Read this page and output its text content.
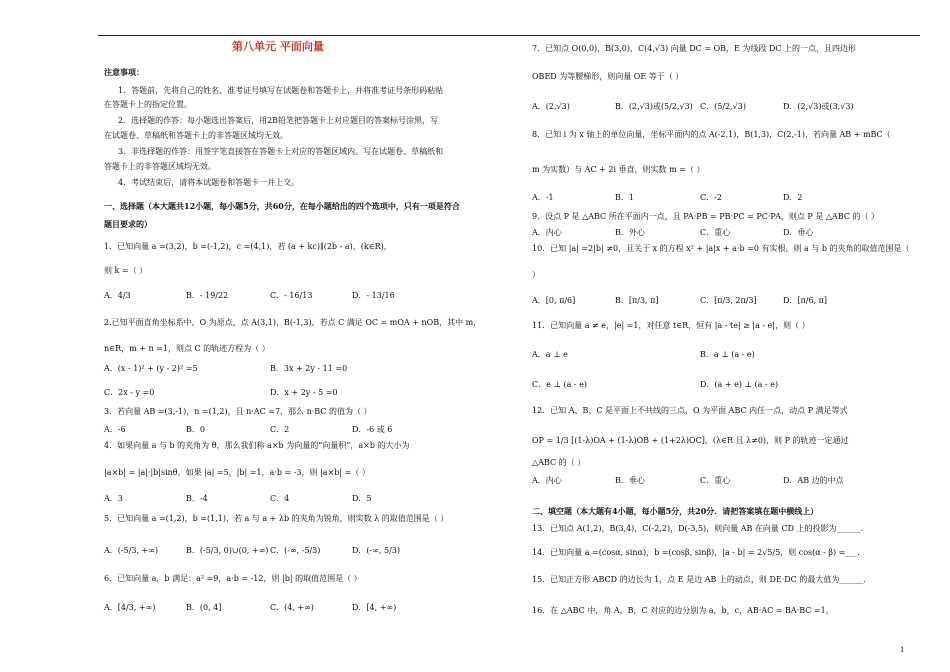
第八单元 平面向量
注意事项：
1．答题前，先将自己的姓名、准考证号填写在试题卷和答题卡上，并将准考证号条形码粘贴
在答题卡上的指定位置。
2．选择题的作答：每小题选出答案后，用2B铅笔把答题卡上对应题目的答案标号涂黑，写
在试题卷、草稿纸和答题卡上的非答题区域均无效。
3．非选择题的作答：用签字笔直接答在答题卡上对应的答题区域内。写在试题卷、草稿纸和
答题卡上的非答题区域均无效。
4．考试结束后，请将本试题卷和答题卡一并上交。
一、选择题（本大题共12小题，每小题5分，共60分，在每小题给出的四个选项中，只有一项是符合
题目要求的）
1．已知向量 a =(3,2)，b =(-1,2)，c =(4,1)，若 (a + kc)∥(2b - a)，(k∈R)，
则 k =（ ）
A．4/3	B．- 19/22	C．- 16/13	D．- 13/16
2.已知平面直角坐标系中，O 为原点，点 A(3,1)，B(-1,3)，若点 C 满足 OC = mOA + nOB，其中 m，
n∈R，m + n =1，则点 C 的轨迹方程为（ ）
A．(x - 1)² + (y - 2)² =5	B．3x + 2y - 11 =0
C．2x - y =0	D．x + 2y - 5 =0
3．若向量 AB =(3,-1)，n =(1,2)，且 n·AC =7，那么 n·BC 的值为（ ）
A．-6	B．0	C．2	D．-6 或 6
4．如果向量 a 与 b 的夹角为 θ，那么我们称 a×b 为向量的“向量积”，a×b 的大小为
|a×b| = |a|·|b|sinθ，如果 |a| =5，|b| =1，a·b = -3，则 |a×b| =（ ）
A．3	B．-4	C．4	D．5
5．已知向量 a =(1,2)，b =(1,1)，若 a 与 a + λb 的夹角为锐角，则实数 λ 的取值范围是（ ）
A．(-5/3, +∞)	B．(-5/3, 0)∪(0, +∞) C．(-∞, -5/3)	D．(-∞, 5/3)
6．已知向量 a，b 满足：a² =9，a·b = -12，则 |b| 的取值范围是（ ）
A．[4/3, +∞)	B．(0, 4]	C．(4, +∞)	D．[4, +∞)
7．已知点 O(0,0)，B(3,0)，C(4,√3) 向量 DC = OB，E 为线段 DC 上的一点，且四边形
OBED 为等腰梯形，则向量 OE 等于（ ）
A．(2,√3)	B．(2,√3)或(5/2,√3) C．(5/2,√3)	D．(2,√3)或(3,√3)
8．已知 i 为 x 轴上的单位向量，坐标平面内的点 A(-2,1)，B(1,3)，C(2,-1)，若向量 AB + mBC（
m 为实数）与 AC + 2i 垂直，则实数 m =（ ）
A．-1	B．1	C．-2	D．2
9．设点 P 是 △ABC 所在平面内一点，且 PA·PB = PB·PC = PC·PA，则点 P 是 △ABC 的（ ）
A．内心	B．外心	C．重心	D．垂心
10．已知 |a| =2|b| ≠0，且关于 x 的方程 x² + |a|x + a·b =0 有实根，则 a 与 b 的夹角的取值范围是（
）
A．[0, π/6]	B．[π/3, π]	C．[π/3, 2π/3]	D．[π/6, π]
11．已知向量 a ≠ e，|e| =1，对任意 t∈R，恒有 |a - te| ≥ |a - e|，则（ ）
A．a ⊥ e	B．a ⊥ (a - e)
C．e ⊥ (a - e)	D．(a + e) ⊥ (a - e)
12．已知 A、B、C 是平面上不共线的三点，O 为平面 ABC 内任一点，动点 P 满足等式
OP = 1/3 [(1-λ)OA + (1-λ)OB + (1+2λ)OC]，(λ∈R 且 λ≠0)，则 P 的轨迹一定通过
△ABC 的（ ）
A．内心	B．垂心	C．重心	D．AB 边的中点
二、填空题（本大题有4小题，每小题5分，共20分．请把答案填在题中横线上）
13．已知点 A(1,2)，B(3,4)，C(-2,2)，D(-3,5)，则向量 AB 在向量 CD 上的投影为______．
14．已知向量 a =(cosα, sinα)，b =(cosβ, sinβ)，|a - b| = 2√5/5，则 cos(α - β) =___．
15．已知正方形 ABCD 的边长为 1，点 E 是边 AB 上的动点，则 DE·DC 的最大值为______．
16．在 △ABC 中，角 A，B，C 对应的边分别为 a，b，c，AB·AC = BA·BC =1，
1
